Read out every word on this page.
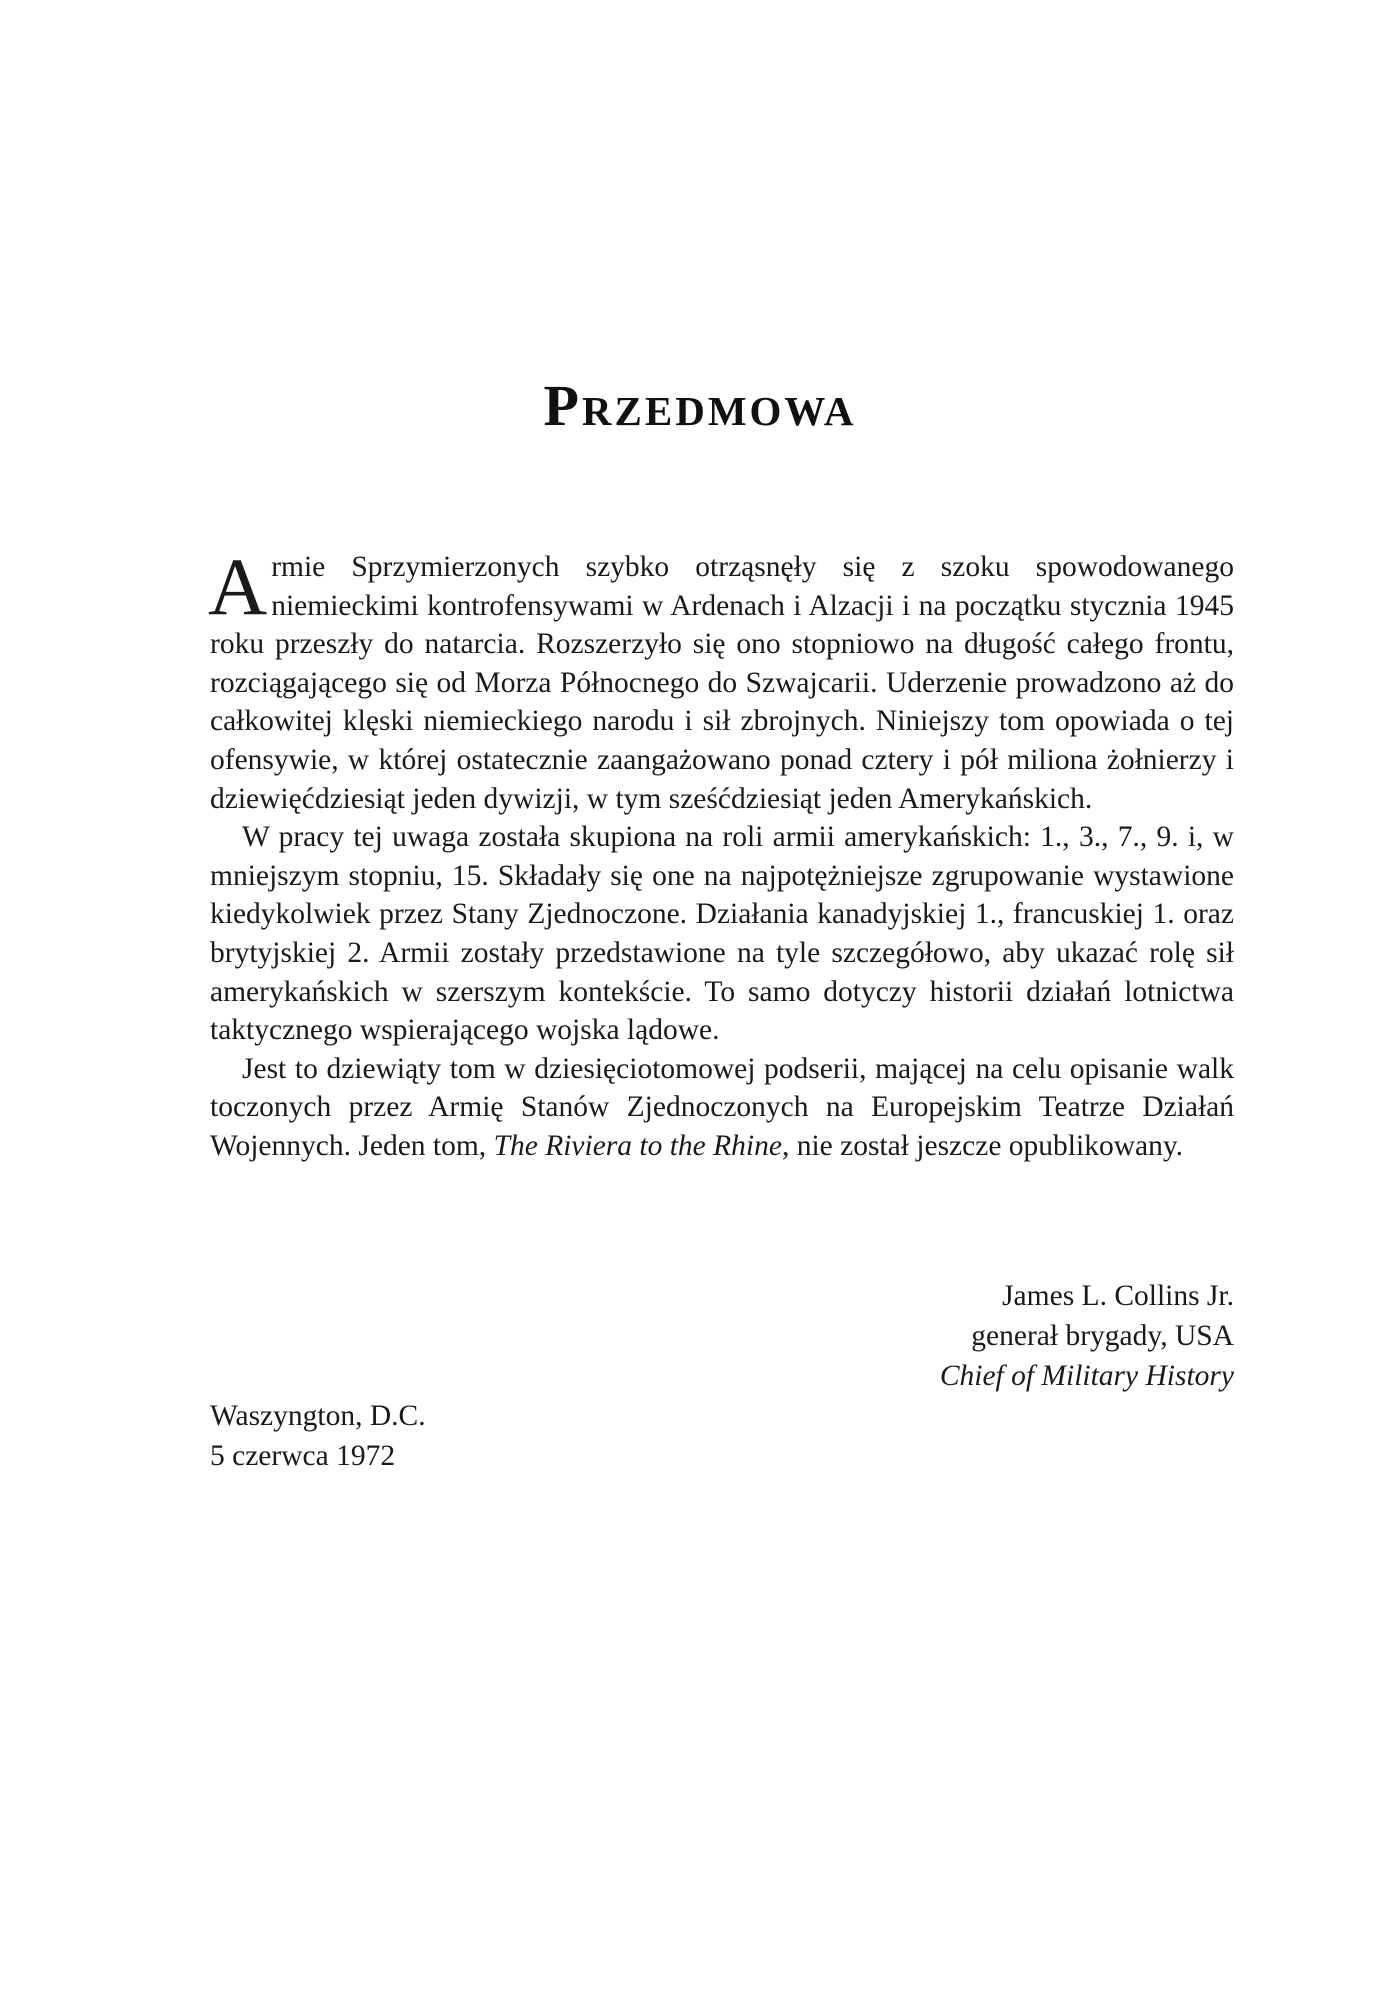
Przedmowa

Armie Sprzymierzonych szybko otrząsnęły się z szoku spowodowanego niemieckimi kontrofensywami w Ardenach i Alzacji i na początku stycznia 1945 roku przeszły do natarcia. Rozszerzyło się ono stopniowo na długość całego frontu, rozciągającego się od Morza Północnego do Szwajcarii. Uderzenie prowadzono aż do całkowitej klęski niemieckiego narodu i sił zbrojnych. Niniejszy tom opowiada o tej ofensywie, w której ostatecznie zaangażowano ponad cztery i pół miliona żołnierzy i dziewięćdziesiąt jeden dywizji, w tym sześćdziesiąt jeden Amerykańskich.

W pracy tej uwaga została skupiona na roli armii amerykańskich: 1., 3., 7., 9. i, w mniejszym stopniu, 15. Składały się one na najpotężniejsze zgrupowanie wystawione kiedykolwiek przez Stany Zjednoczone. Działania kanadyjskiej 1., francuskiej 1. oraz brytyjskiej 2. Armii zostały przedstawione na tyle szczegółowo, aby ukazać rolę sił amerykańskich w szerszym kontekście. To samo dotyczy historii działań lotnictwa taktycznego wspierającego wojska lądowe.

Jest to dziewiąty tom w dziesięciotomowej podserii, mającej na celu opisanie walk toczonych przez Armię Stanów Zjednoczonych na Europejskim Teatrze Działań Wojennych. Jeden tom, The Riviera to the Rhine, nie został jeszcze opublikowany.

James L. Collins Jr.
generał brygady, USA
Chief of Military History
Waszyngton, D.C.
5 czerwca 1972
